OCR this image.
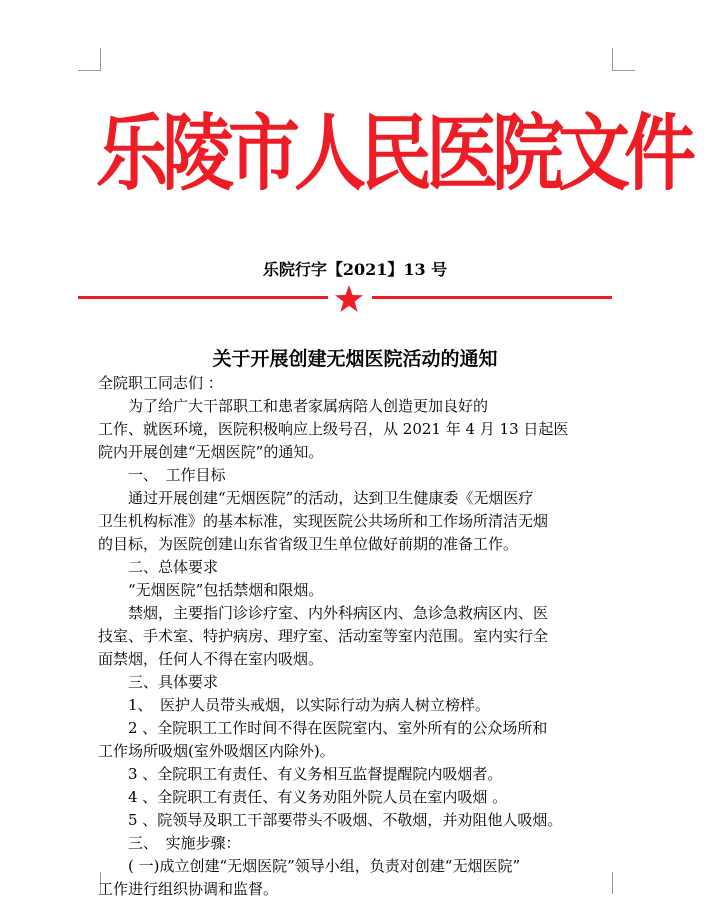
乐陵市人民医院文件
乐院行字【2021】13 号
关于开展创建无烟医院活动的通知

全院职工同志们 ：

　　为了给广大干部职工和患者家属病陪人创造更加良好的

工作、就医环境，医院积极响应上级号召，从 2021 年 4 月 13 日起医

院内开展创建“无烟医院”的通知。

　　一、　工作目标

　　通过开展创建“无烟医院”的活动，达到卫生健康委《无烟医疗

卫生机构标准》的基本标准，实现医院公共场所和工作场所清洁无烟

的目标，为医院创建山东省省级卫生单位做好前期的准备工作。

　　二、总体要求

　　“无烟医院”包括禁烟和限烟。

　　禁烟，主要指门诊诊疗室、内外科病区内、急诊急救病区内、医

技室、手术室、特护病房、理疗室、活动室等室内范围。室内实行全

面禁烟，任何人不得在室内吸烟。

　　三、具体要求

　　1、　医护人员带头戒烟，以实际行动为病人树立榜样。

　　2 、全院职工工作时间不得在医院室内、室外所有的公众场所和

工作场所吸烟(室外吸烟区内除外)。

　　3 、全院职工有责任、有义务相互监督提醒院内吸烟者。

　　4 、全院职工有责任、有义务劝阻外院人员在室内吸烟 。

　　5 、院领导及职工干部要带头不吸烟、不敬烟，并劝阻他人吸烟。

　　三、　实施步骤：

　　( 一)成立创建“无烟医院”领导小组，负责对创建“无烟医院”

工作进行组织协调和监督。
